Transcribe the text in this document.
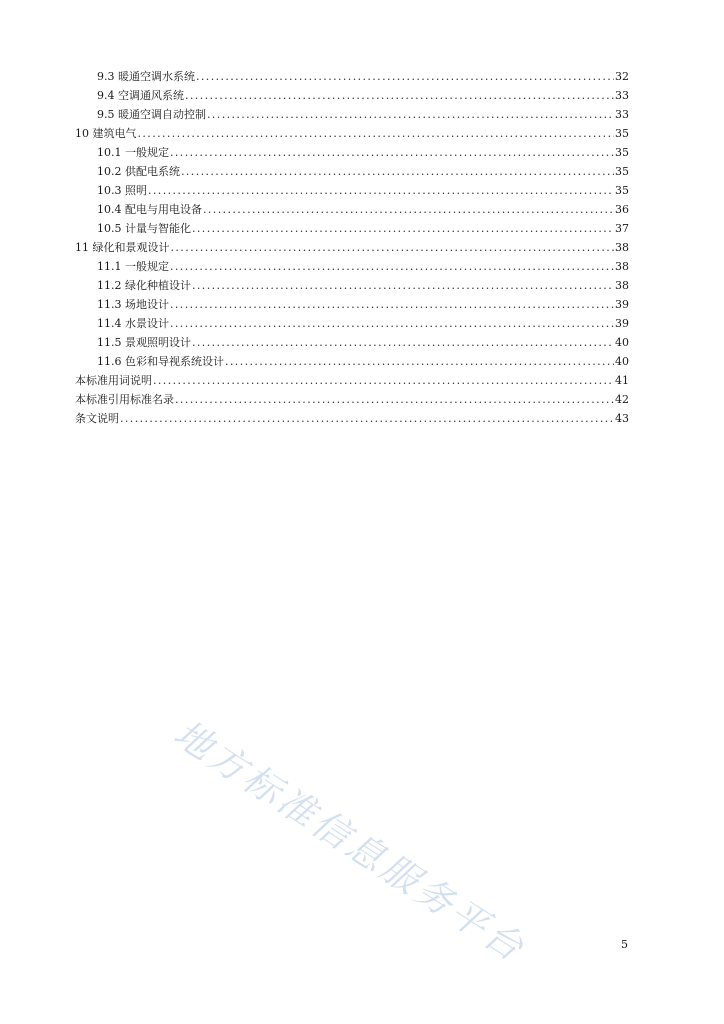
9.3 暖通空调水系统 .....	32
9.4 空调通风系统 .....	33
9.5 暖通空调自动控制 .....	33
10 建筑电气 .....	35
10.1 一般规定 .....	35
10.2 供配电系统 .....	35
10.3 照明 .....	35
10.4 配电与用电设备 .....	36
10.5 计量与智能化 .....	37
11 绿化和景观设计 .....	38
11.1 一般规定 .....	38
11.2 绿化种植设计 .....	38
11.3 场地设计 .....	39
11.4 水景设计 .....	39
11.5 景观照明设计 .....	40
11.6 色彩和导视系统设计 .....	40
本标准用词说明 .....	41
本标准引用标准名录 .....	42
条文说明 .....	43
地方标准信息服务平台	5
